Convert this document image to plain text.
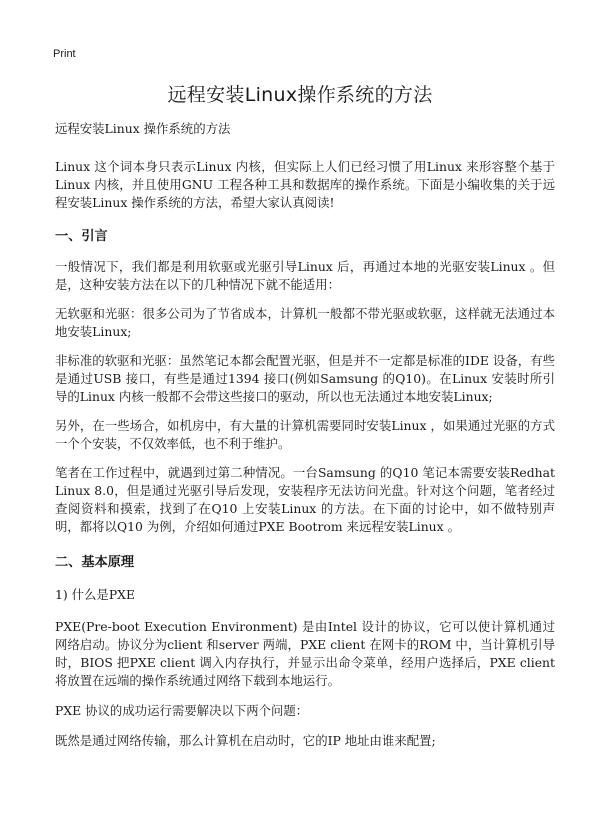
Print
远程安装Linux操作系统的方法

远程安装Linux 操作系统的方法

Linux 这个词本身只表示Linux 内核，但实际上人们已经习惯了用Linux 来形容整个基于Linux 内核，并且使用GNU 工程各种工具和数据库的操作系统。下面是小编收集的关于远程安装Linux 操作系统的方法，希望大家认真阅读!

一、引言

一般情况下，我们都是利用软驱或光驱引导Linux 后，再通过本地的光驱安装Linux 。但是，这种安装方法在以下的几种情况下就不能适用：

无软驱和光驱：很多公司为了节省成本，计算机一般都不带光驱或软驱，这样就无法通过本地安装Linux;

非标准的软驱和光驱：虽然笔记本都会配置光驱，但是并不一定都是标准的IDE 设备，有些是通过USB 接口，有些是通过1394 接口(例如Samsung 的Q10)。在Linux 安装时所引导的Linux 内核一般都不会带这些接口的驱动，所以也无法通过本地安装Linux;

另外，在一些场合，如机房中，有大量的计算机需要同时安装Linux ，如果通过光驱的方式一个个安装，不仅效率低，也不利于维护。

笔者在工作过程中，就遇到过第二种情况。一台Samsung 的Q10 笔记本需要安装Redhat Linux 8.0，但是通过光驱引导后发现，安装程序无法访问光盘。针对这个问题，笔者经过查阅资料和摸索，找到了在Q10 上安装Linux 的方法。在下面的讨论中，如不做特别声明，都将以Q10 为例，介绍如何通过PXE Bootrom 来远程安装Linux 。

二、基本原理

1) 什么是PXE

PXE(Pre-boot Execution Environment) 是由Intel 设计的协议，它可以使计算机通过网络启动。协议分为client 和server 两端，PXE client 在网卡的ROM 中，当计算机引导时，BIOS 把PXE client 调入内存执行，并显示出命令菜单，经用户选择后，PXE client 将放置在远端的操作系统通过网络下载到本地运行。

PXE 协议的成功运行需要解决以下两个问题：

既然是通过网络传输，那么计算机在启动时，它的IP 地址由谁来配置;
